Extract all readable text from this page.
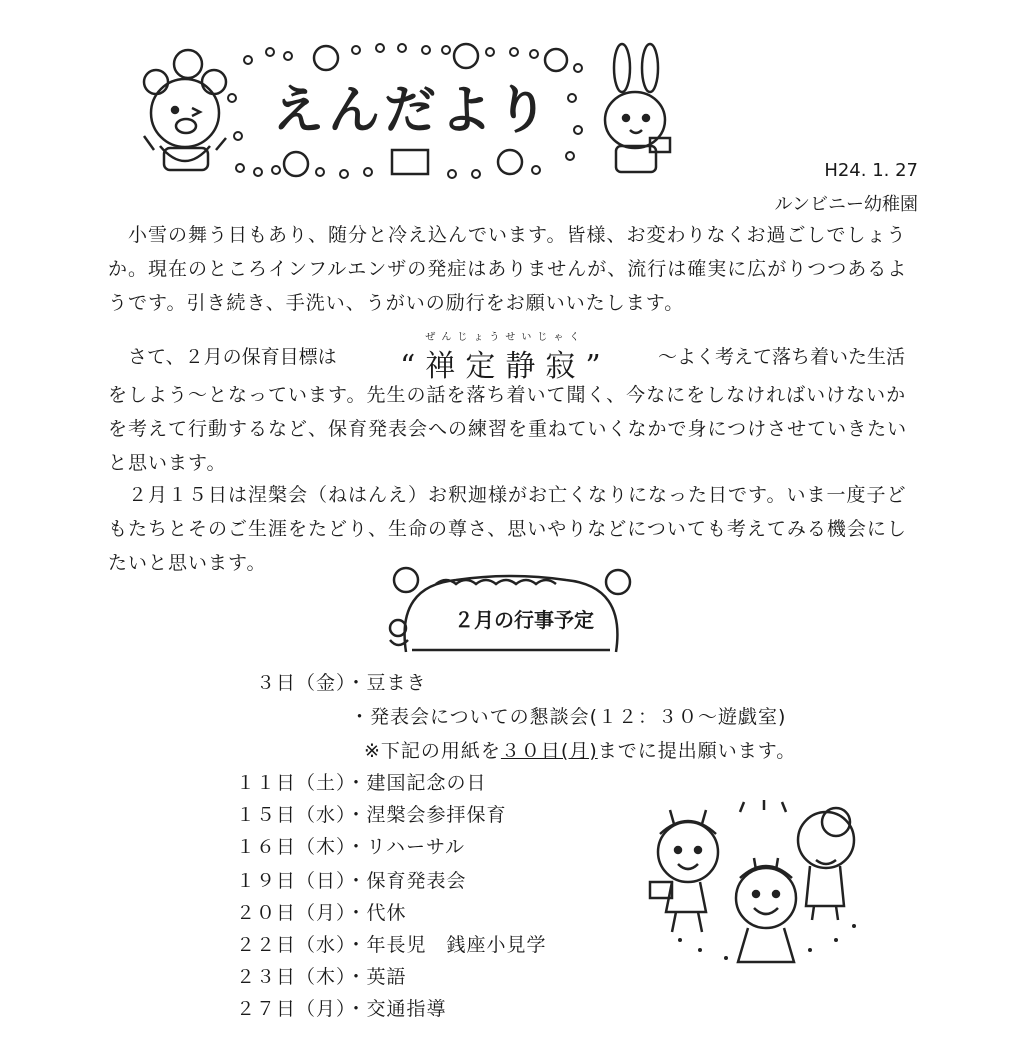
えんだより
H24. 1. 27
ルンビニー幼稚園
小雪の舞う日もあり、随分と冷え込んでいます。皆様、お変わりなくお過ごしでしょうか。現在のところインフルエンザの発症はありませんが、流行は確実に広がりつつあるようです。引き続き、手洗い、うがいの励行をお願いいたします。
さて、２月の保育目標は	～よく考えて落ち着いた生活
ぜんじょうせいじゃく
“禅定静寂”
をしよう～となっています。先生の話を落ち着いて聞く、今なにをしなければいけないかを考えて行動するなど、保育発表会への練習を重ねていくなかで身につけさせていきたいと思います。
２月１５日は涅槃会（ねはんえ）お釈迦様がお亡くなりになった日です。いま一度子どもたちとそのご生涯をたどり、生命の尊さ、思いやりなどについても考えてみる機会にしたいと思います。
２月の行事予定
３日（金）・豆まき
・発表会についての懇談会(１２：３０～遊戯室)
※下記の用紙を３０日(月)までに提出願います。
１１日（土）・建国記念の日
１５日（水）・涅槃会参拝保育
１６日（木）・リハーサル
１９日（日）・保育発表会
２０日（月）・代休
２２日（水）・年長児　銭座小見学
２３日（木）・英語
２７日（月）・交通指導
